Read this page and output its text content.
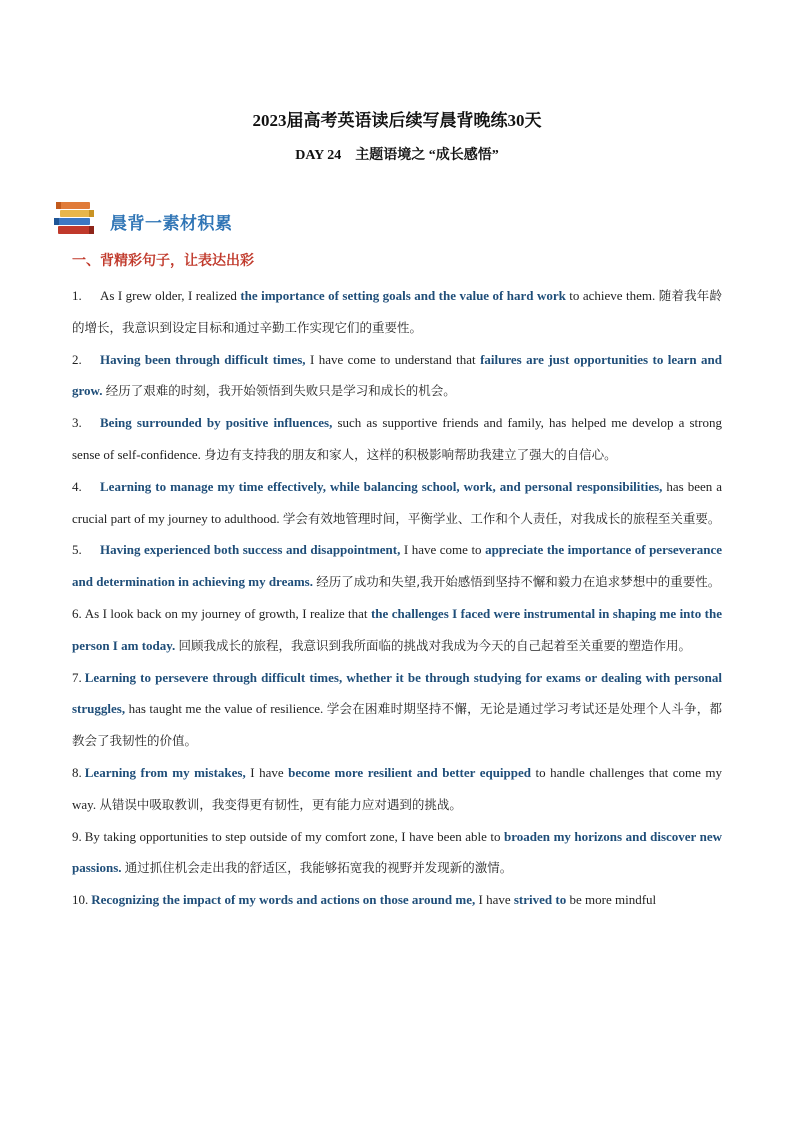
2023届高考英语读后续写晨背晚练30天
DAY 24 主题语境之 “成长感悟”
晨背一素材积累
一、背精彩句子，让表达出彩

1. As I grew older, I realized the importance of setting goals and the value of hard work to achieve them. 随着我年龄的增长，我意识到设定目标和通过辛勤工作实现它们的重要性。

2. Having been through difficult times, I have come to understand that failures are just opportunities to learn and grow. 经历了艰难的时刻，我开始领悟到失败只是学习和成长的机会。

3. Being surrounded by positive influences, such as supportive friends and family, has helped me develop a strong sense of self-confidence. 身边有支持我的朋友和家人，这样的积极影响帮助我建立了强大的自信心。

4. Learning to manage my time effectively, while balancing school, work, and personal responsibilities, has been a crucial part of my journey to adulthood. 学会有效地管理时间，平衡学业、工作和个人责任，对我成长的旅程至关重要。

5. Having experienced both success and disappointment, I have come to appreciate the importance of perseverance and determination in achieving my dreams. 经历了成功和失望,我开始感悟到坚持不懈和毅力在追求梦想中的重要性。

6. As I look back on my journey of growth, I realize that the challenges I faced were instrumental in shaping me into the person I am today. 回顾我成长的旅程，我意识到我所面临的挑战对我成为今天的自己起着至关重要的塑造作用。

7. Learning to persevere through difficult times, whether it be through studying for exams or dealing with personal struggles, has taught me the value of resilience. 学会在困难时期坚持不懈，无论是通过学习考试还是处理个人斗争，都教会了我韧性的价值。

8. Learning from my mistakes, I have become more resilient and better equipped to handle challenges that come my way. 从错误中吸取教训，我变得更有韧性，更有能力应对遇到的挑战。

9. By taking opportunities to step outside of my comfort zone, I have been able to broaden my horizons and discover new passions. 通过抓住机会走出我的舒适区，我能够拓宽我的视野并发现新的激情。

10. Recognizing the impact of my words and actions on those around me, I have strived to be more mindful
